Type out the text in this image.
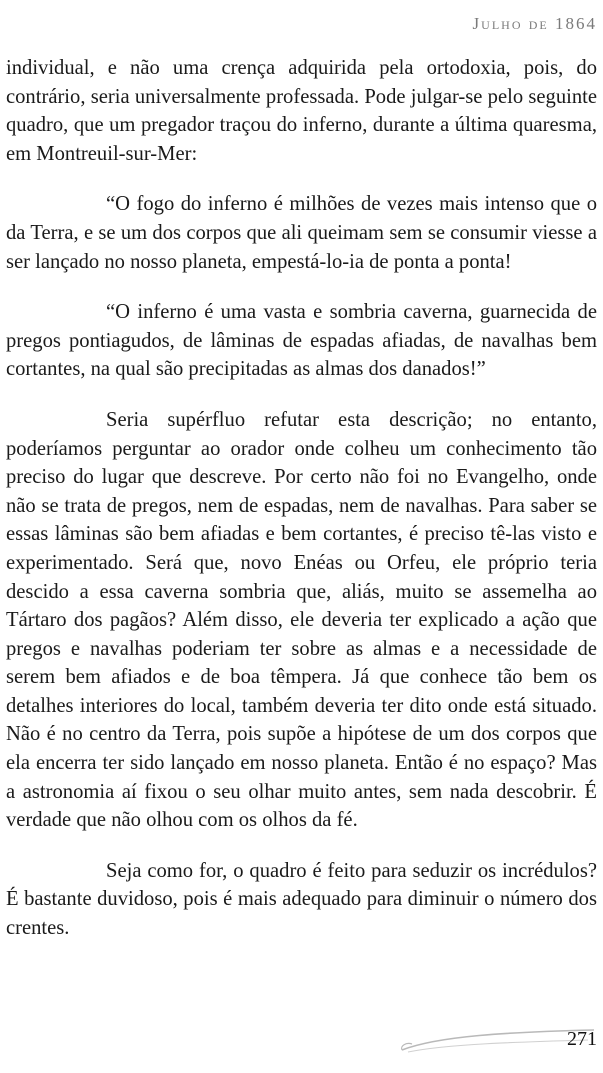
Julho de 1864

individual, e não uma crença adquirida pela ortodoxia, pois, do contrário, seria universalmente professada. Pode julgar-se pelo seguinte quadro, que um pregador traçou do inferno, durante a última quaresma, em Montreuil-sur-Mer:

“O fogo do inferno é milhões de vezes mais intenso que o da Terra, e se um dos corpos que ali queimam sem se consumir viesse a ser lançado no nosso planeta, empestá-lo-ia de ponta a ponta!

“O inferno é uma vasta e sombria caverna, guarnecida de pregos pontiagudos, de lâminas de espadas afiadas, de navalhas bem cortantes, na qual são precipitadas as almas dos danados!”

Seria supérfluo refutar esta descrição; no entanto, poderíamos perguntar ao orador onde colheu um conhecimento tão preciso do lugar que descreve. Por certo não foi no Evangelho, onde não se trata de pregos, nem de espadas, nem de navalhas. Para saber se essas lâminas são bem afiadas e bem cortantes, é preciso tê-las visto e experimentado. Será que, novo Enéas ou Orfeu, ele próprio teria descido a essa caverna sombria que, aliás, muito se assemelha ao Tártaro dos pagãos? Além disso, ele deveria ter explicado a ação que pregos e navalhas poderiam ter sobre as almas e a necessidade de serem bem afiados e de boa têmpera. Já que conhece tão bem os detalhes interiores do local, também deveria ter dito onde está situado. Não é no centro da Terra, pois supõe a hipótese de um dos corpos que ela encerra ter sido lançado em nosso planeta. Então é no espaço? Mas a astronomia aí fixou o seu olhar muito antes, sem nada descobrir. É verdade que não olhou com os olhos da fé.

Seja como for, o quadro é feito para seduzir os incrédulos? É bastante duvidoso, pois é mais adequado para diminuir o número dos crentes.

271
